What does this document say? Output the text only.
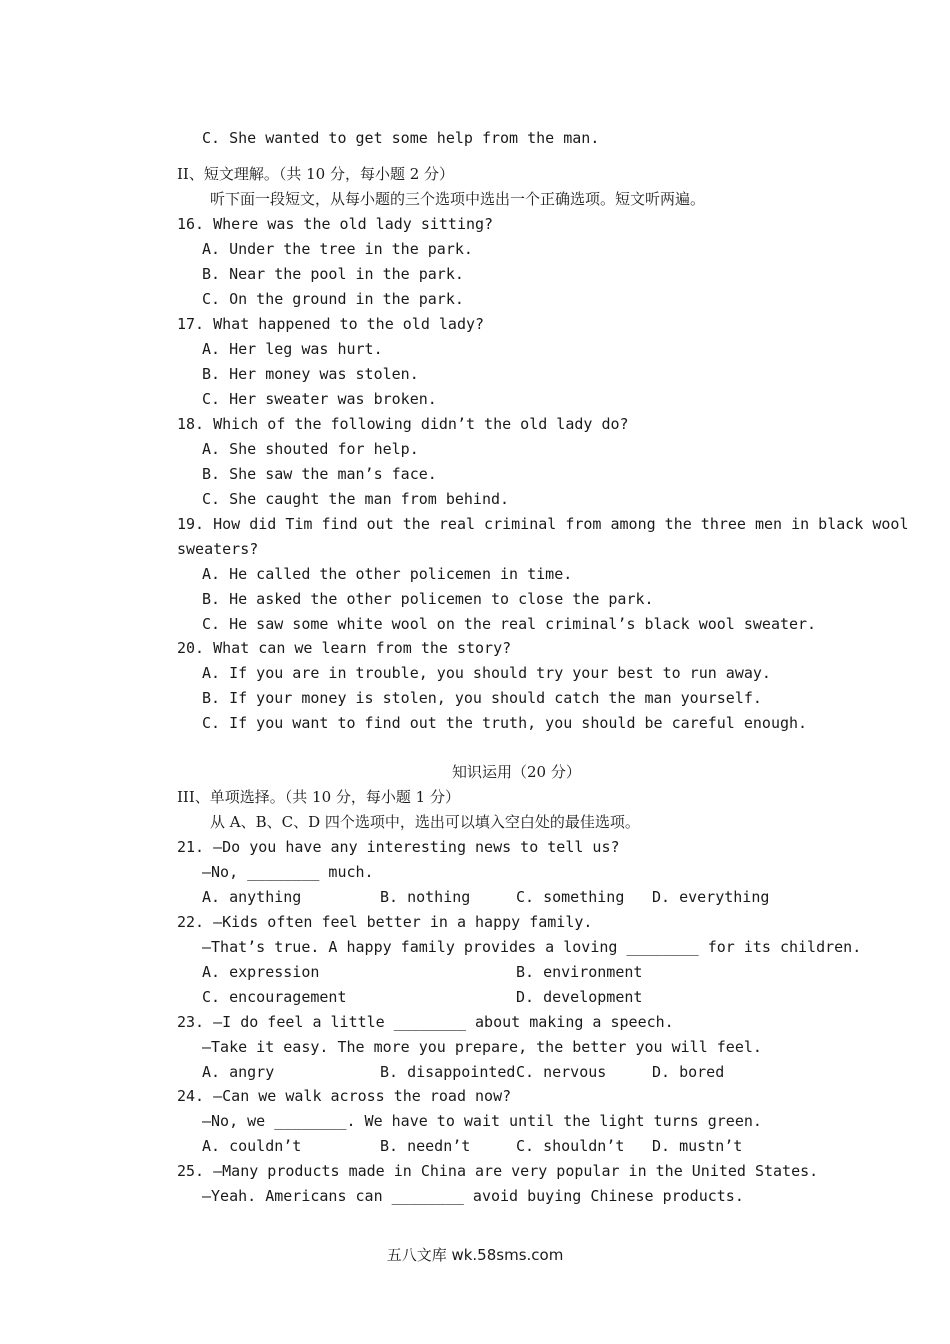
C. She wanted to get some help from the man.
II、短文理解。（共 10 分，每小题 2 分）
听下面一段短文，从每小题的三个选项中选出一个正确选项。短文听两遍。
16. Where was the old lady sitting?
A. Under the tree in the park.
B. Near the pool in the park.
C. On the ground in the park.
17. What happened to the old lady?
A. Her leg was hurt.
B. Her money was stolen.
C. Her sweater was broken.
18. Which of the following didn’t the old lady do?
A. She shouted for help.
B. She saw the man’s face.
C. She caught the man from behind.
19. How did Tim find out the real criminal from among the three men in black wool
sweaters?
A. He called the other policemen in time.
B. He asked the other policemen to close the park.
C. He saw some white wool on the real criminal’s black wool sweater.
20. What can we learn from the story?
A. If you are in trouble, you should try your best to run away.
B. If your money is stolen, you should catch the man yourself.
C. If you want to find out the truth, you should be careful enough.
知识运用（20 分）
III、单项选择。（共 10 分，每小题 1 分）
从 A、B、C、D 四个选项中，选出可以填入空白处的最佳选项。
21. —Do you have any interesting news to tell us?
—No, ________ much.
A. anything	B. nothing	C. something D. everything
22. —Kids often feel better in a happy family.
—That’s true. A happy family provides a loving ________ for its children.
A. expression	B. environment
C. encouragement	D. development
23. —I do feel a little ________ about making a speech.
—Take it easy. The more you prepare, the better you will feel.
A. angry	B. disappointed C. nervous	D. bored
24. —Can we walk across the road now?
—No, we ________. We have to wait until the light turns green.
A. couldn’t	B. needn’t	C. shouldn’t D. mustn’t
25. —Many products made in China are very popular in the United States.
—Yeah. Americans can ________ avoid buying Chinese products.
五八文库 wk.58sms.com
